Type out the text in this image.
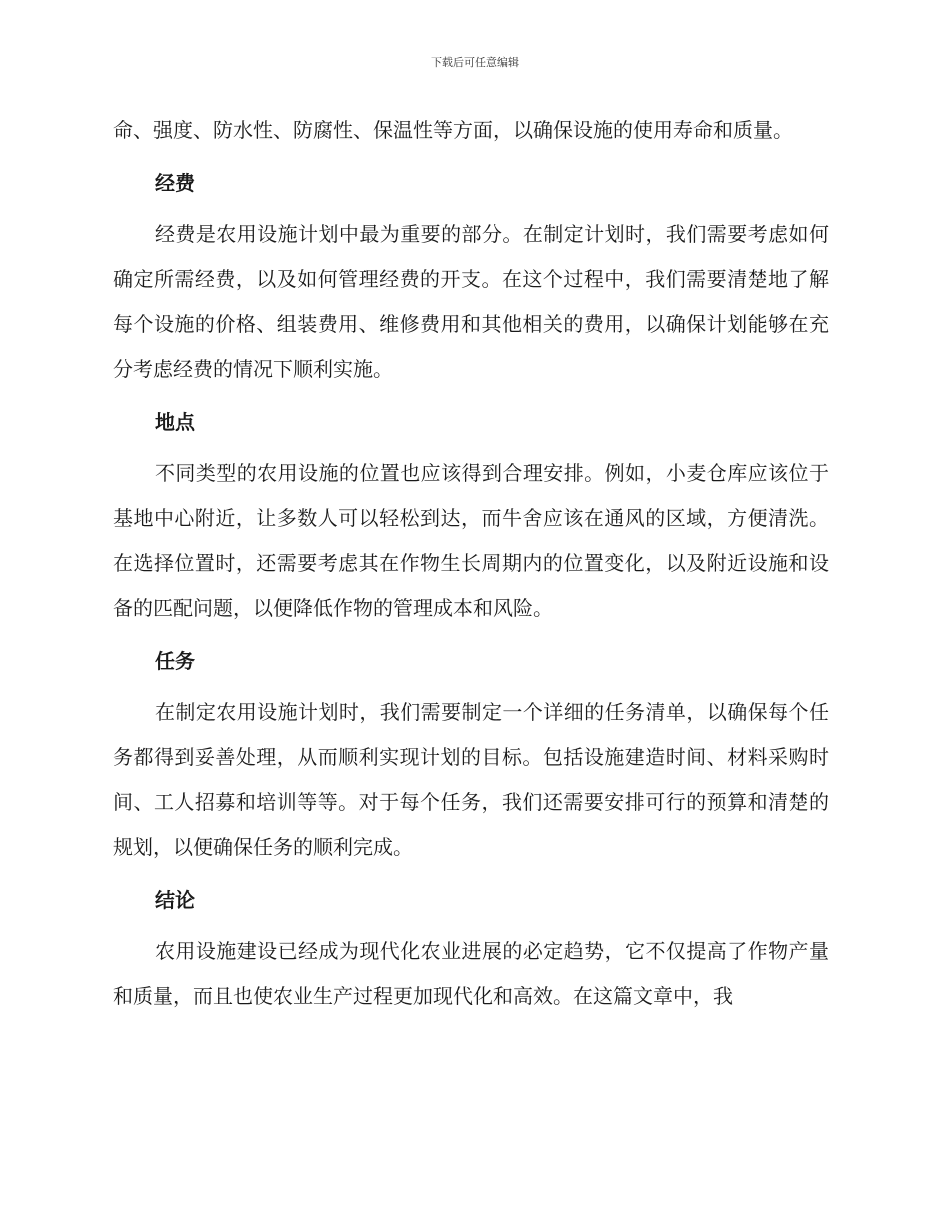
下载后可任意编辑

命、强度、防水性、防腐性、保温性等方面，以确保设施的使用寿命和质量。

经费

经费是农用设施计划中最为重要的部分。在制定计划时，我们需要考虑如何确定所需经费，以及如何管理经费的开支。在这个过程中，我们需要清楚地了解每个设施的价格、组装费用、维修费用和其他相关的费用，以确保计划能够在充分考虑经费的情况下顺利实施。

地点

不同类型的农用设施的位置也应该得到合理安排。例如，小麦仓库应该位于基地中心附近，让多数人可以轻松到达，而牛舍应该在通风的区域，方便清洗。在选择位置时，还需要考虑其在作物生长周期内的位置变化，以及附近设施和设备的匹配问题，以便降低作物的管理成本和风险。

任务

在制定农用设施计划时，我们需要制定一个详细的任务清单，以确保每个任务都得到妥善处理，从而顺利实现计划的目标。包括设施建造时间、材料采购时间、工人招募和培训等等。对于每个任务，我们还需要安排可行的预算和清楚的规划，以便确保任务的顺利完成。

结论

农用设施建设已经成为现代化农业进展的必定趋势，它不仅提高了作物产量和质量，而且也使农业生产过程更加现代化和高效。在这篇文章中，我
